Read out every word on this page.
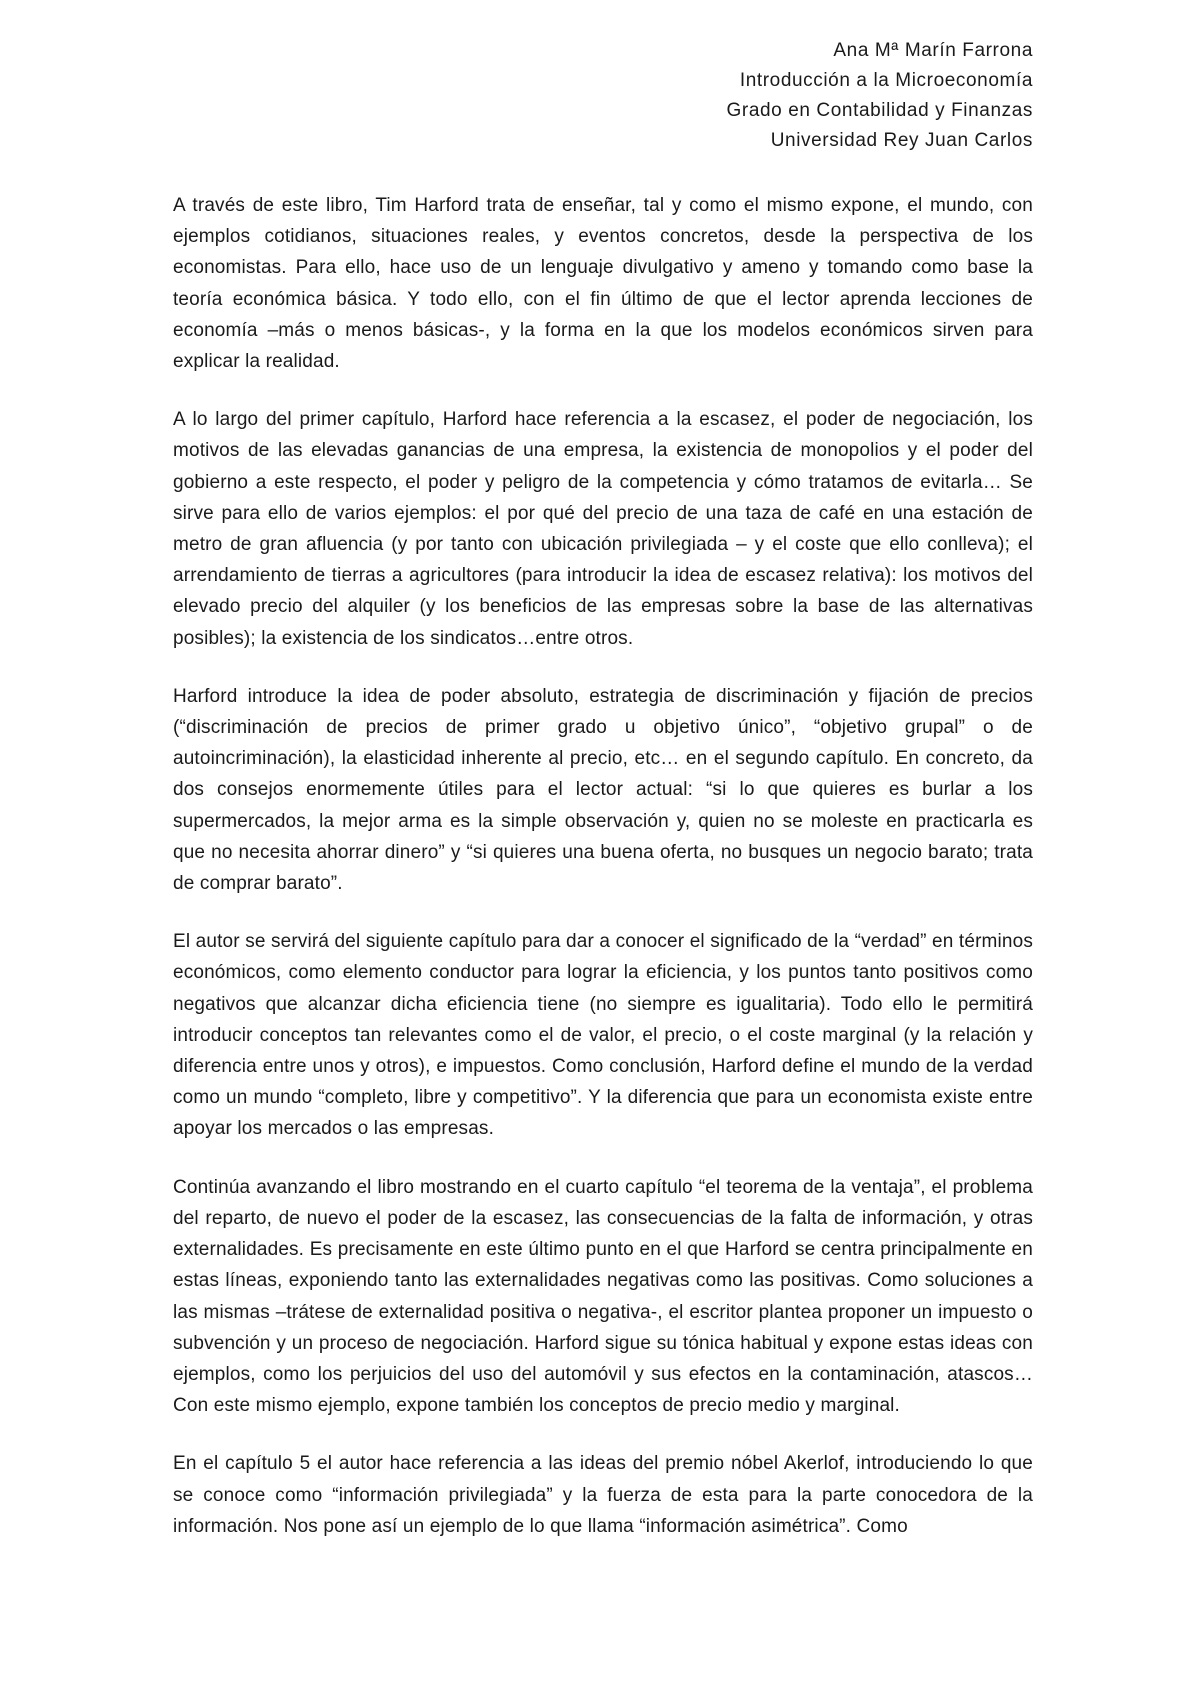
Ana Mª Marín Farrona
Introducción a la Microeconomía
Grado en Contabilidad y Finanzas
Universidad Rey Juan Carlos

A través de este libro, Tim Harford trata de enseñar, tal y como el mismo expone, el mundo, con ejemplos cotidianos, situaciones reales, y eventos concretos, desde la perspectiva de los economistas. Para ello, hace uso de un lenguaje divulgativo y ameno y tomando como base la teoría económica básica. Y todo ello, con el fin último de que el lector aprenda lecciones de economía –más o menos básicas-, y la forma en la que los modelos económicos sirven para explicar la realidad.

A lo largo del primer capítulo, Harford hace referencia a la escasez, el poder de negociación, los motivos de las elevadas ganancias de una empresa, la existencia de monopolios y el poder del gobierno a este respecto, el poder y peligro de la competencia y cómo tratamos de evitarla… Se sirve para ello de varios ejemplos: el por qué del precio de una taza de café en una estación de metro de gran afluencia (y por tanto con ubicación privilegiada – y el coste que ello conlleva); el arrendamiento de tierras a agricultores (para introducir la idea de escasez relativa): los motivos del elevado precio del alquiler (y los beneficios de las empresas sobre la base de las alternativas posibles); la existencia de los sindicatos…entre otros.

Harford introduce la idea de poder absoluto, estrategia de discriminación y fijación de precios (“discriminación de precios de primer grado u objetivo único”, “objetivo grupal” o de autoincriminación), la elasticidad inherente al precio, etc… en el segundo capítulo. En concreto, da dos consejos enormemente útiles para el lector actual: “si lo que quieres es burlar a los supermercados, la mejor arma es la simple observación y, quien no se moleste en practicarla es que no necesita ahorrar dinero” y “si quieres una buena oferta, no busques un negocio barato; trata de comprar barato”.

El autor se servirá del siguiente capítulo para dar a conocer el significado de la “verdad” en términos económicos, como elemento conductor para lograr la eficiencia, y los puntos tanto positivos como negativos que alcanzar dicha eficiencia tiene (no siempre es igualitaria). Todo ello le permitirá introducir conceptos tan relevantes como el de valor, el precio, o el coste marginal (y la relación y diferencia entre unos y otros), e impuestos. Como conclusión, Harford define el mundo de la verdad como un mundo “completo, libre y competitivo”. Y la diferencia que para un economista existe entre apoyar los mercados o las empresas.

Continúa avanzando el libro mostrando en el cuarto capítulo “el teorema de la ventaja”, el problema del reparto, de nuevo el poder de la escasez, las consecuencias de la falta de información, y otras externalidades. Es precisamente en este último punto en el que Harford se centra principalmente en estas líneas, exponiendo tanto las externalidades negativas como las positivas. Como soluciones a las mismas –trátese de externalidad positiva o negativa-, el escritor plantea proponer un impuesto o subvención y un proceso de negociación. Harford sigue su tónica habitual y expone estas ideas con ejemplos, como los perjuicios del uso del automóvil y sus efectos en la contaminación, atascos… Con este mismo ejemplo, expone también los conceptos de precio medio y marginal.

En el capítulo 5 el autor hace referencia a las ideas del premio nóbel Akerlof, introduciendo lo que se conoce como “información privilegiada” y la fuerza de esta para la parte conocedora de la información. Nos pone así un ejemplo de lo que llama “información asimétrica”. Como
